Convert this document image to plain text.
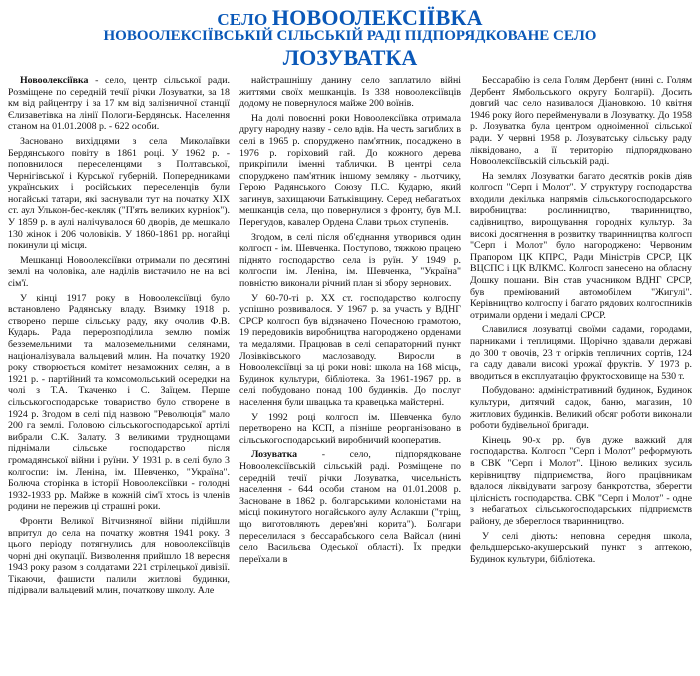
СЕЛО НОВООЛЕКСІЇВКА
НОВООЛЕКСІЇВСЬКІЙ СІЛЬСЬКІЙ РАДІ ПІДПОРЯДКОВАНЕ СЕЛО
ЛОЗУВАТКА

Новоолексіївка - село, центр сільської ради. Розміщене по середній течії річки Лозуватки, за 18 км від райцентру і за 17 км від залізничної станції Єлизаветівка на лінії Пологи-Бердянськ. Населення станом на 01.01.2008 р. - 622 особи.

Засновано вихідцями з села Миколаївки Бердянського повіту в 1861 році. У 1962 р. - поповнилося переселенцями з Полтавської, Чернігівської і Курської губерній. Попередниками українських і російських переселенців були ногайські татари, які заснували тут на початку XIX ст. аул Улькон-бес-кекляк ("П'ять великих курніок"). У 1859 р. в аулі налічувалося 60 дворів, де мешкало 130 жінок і 206 чоловіків. У 1860-1861 рр. ногайці покинули ці місця.

Мешканці Новоолексіївки отримали по десятині землі на чоловіка, але наділів вистачило не на всі сім'ї.

У кінці 1917 року в Новоолексіївці було встановлено Радянську владу. Взимку 1918 р. створено перше сільську раду, яку очолив Ф.В. Кударь. Рада перерозподілила землю поміж безземельними та малоземельними селянами, націоналізувала вальцевий млин. На початку 1920 року створюється комітет незаможних селян, а в 1921 р. - партійний та комсомольський осередки на чолі з Т.А. Ткаченко і С. Заїцем. Перше сільськогосподарське товариство було створене в 1924 р. Згодом в селі під назвою "Революція" мало 200 га землі. Головою сільськогосподарської артілі вибрали С.К. Залату. З великими труднощами піднімали сільське господарство після громадянської війни і руїни. У 1931 р. в селі було 3 колгоспи: ім. Леніна, ім. Шевченко, "Україна". Болюча сторінка в історії Новоолексіївки - голодні 1932-1933 рр. Майже в кожній сім'ї хтось із членів родини не пережив ці страшні роки.

Фронти Великої Вітчизняної війни підійшли впритул до села на початку жовтня 1941 року. З цього періоду потягнулись для новоолексіївців чорні дні окупації. Визволення прийшло 18 вересня 1943 року разом з солдатами 221 стрілецької дивізії. Тікаючи, фашисти палили житлові будинки, підірвали вальцевий млин, початкову школу. Але

найстрашнішу данину село заплатило війні життями своїх мешканців. Із 338 новоолексіївців додому не повернулося майже 200 воїнів.

На долі повоєнні роки Новоолексіївка отримала другу народну назву - село вдів. На честь загиблих в селі в 1965 р. споруджено пам'ятник, посаджено в 1976 р. горіховий гай. До кожного дерева прикріпили іменні таблички. В центрі села споруджено пам'ятник іншому земляку - льотчику, Герою Радянського Союзу П.С. Кударю, який загинув, захищаючи Батьківщину. Серед небагатьох мешканців села, що повернулися з фронту, був М.І. Перегудов, кавалер Ордена Слави трьох ступенів.

Згодом, в селі після об'єднання утворився один колгосп - ім. Шевченка. Поступово, тяжкою працею піднято господарство села із руїн. У 1949 р. колгоспи ім. Леніна, ім. Шевченка, "Україна" повністю виконали річний план зі збору зернових.

У 60-70-ті р. XX ст. господарство колгоспу успішно розвивалося. У 1967 р. за участь у ВДНГ СРСР колгосп був відзначено Почесною грамотою, 19 передовиків виробництва нагороджено орденами та медалями. Працював в селі сепараторний пункт Лозівківського маслозаводу. Виросли в Новоолексіївці за ці роки нові: школа на 168 місць, Будинок культури, бібліотека. За 1961-1967 рр. в селі побудовано понад 100 будинків. До послуг населення були швацька та кравецька майстерні.

У 1992 році колгосп ім. Шевченка було перетворено на КСП, а пізніше реорганізовано в сільськогосподарський виробничий кооператив.

Лозуватка - село, підпорядковане Новоолексіївській сільській раді. Розміщене по середній течії річки Лозуватка, чисельність населення - 644 особи станом на 01.01.2008 р. Засноване в 1862 р. болгарськими колоністами на місці покинутого ногайського аулу Аслакши ("тріщ, що виготовляють дерев'яні корита"). Болгари переселилася з бессарабського села Вайсал (нині село Васильєва Одеської області). Їх предки переїхали в

Бессарабію із села Голям Дербент (нині с. Голям Дербент Ямбольського округу Болгарії). Досить довгий час село називалося Діановкою. 10 квітня 1946 року його перейменували в Лозуватку. До 1958 р. Лозуватка була центром одноіменної сільської ради. У червні 1958 р. Лозуватську сільську раду ліквідовано, а її територію підпорядковано Новоолексіївській сільській раді.

На землях Лозуватки багато десятків років діяв колгосп "Серп і Молот". У структуру господарства входили декілька напрямів сільськогосподарського виробництва: рослинництво, тваринництво, садівництво, вирощування городніх культур. За високі досягнення в розвитку тваринництва колгосп "Серп і Молот" було нагороджено: Червоним Прапором ЦК КПРС, Ради Міністрів СРСР, ЦК ВЦСПС і ЦК ВЛКМС. Колгосп занесено на обласну Дошку пошани. Він став учасником ВДНГ СРСР, був преміюваний автомобілем "Жигулі". Керівництво колгоспу і багато рядових колгоспників отримали ордени і медалі СРСР.

Славилися лозуватці своїми садами, городами, парниками і теплицями. Щорічно здавали державі до 300 т овочів, 23 т огірків тепличних сортів, 124 га саду давали високі урожаї фруктів. У 1973 р. вводиться в експлуатацію фруктосховище на 530 т.

Побудовано: адміністративний будинок, Будинок культури, дитячий садок, баню, магазин, 10 житлових будинків. Великий обсяг роботи виконали роботи будівельної бригади.

Кінець 90-х рр. був дуже важкий для господарства. Колгосп "Серп і Молот" реформують в СВК "Серп і Молот". Ціною великих зусиль керівництву підприємства, його працівникам вдалося ліквідувати загрозу банкротства, зберегти цілісність господарства. СВК "Серп і Молот" - одне з небагатьох сільськогосподарських підприємств району, де збереглося тваринництво.

У селі діють: неповна середня школа, фельдшерсько-акушерський пункт з аптекою, Будинок культури, бібліотека.
